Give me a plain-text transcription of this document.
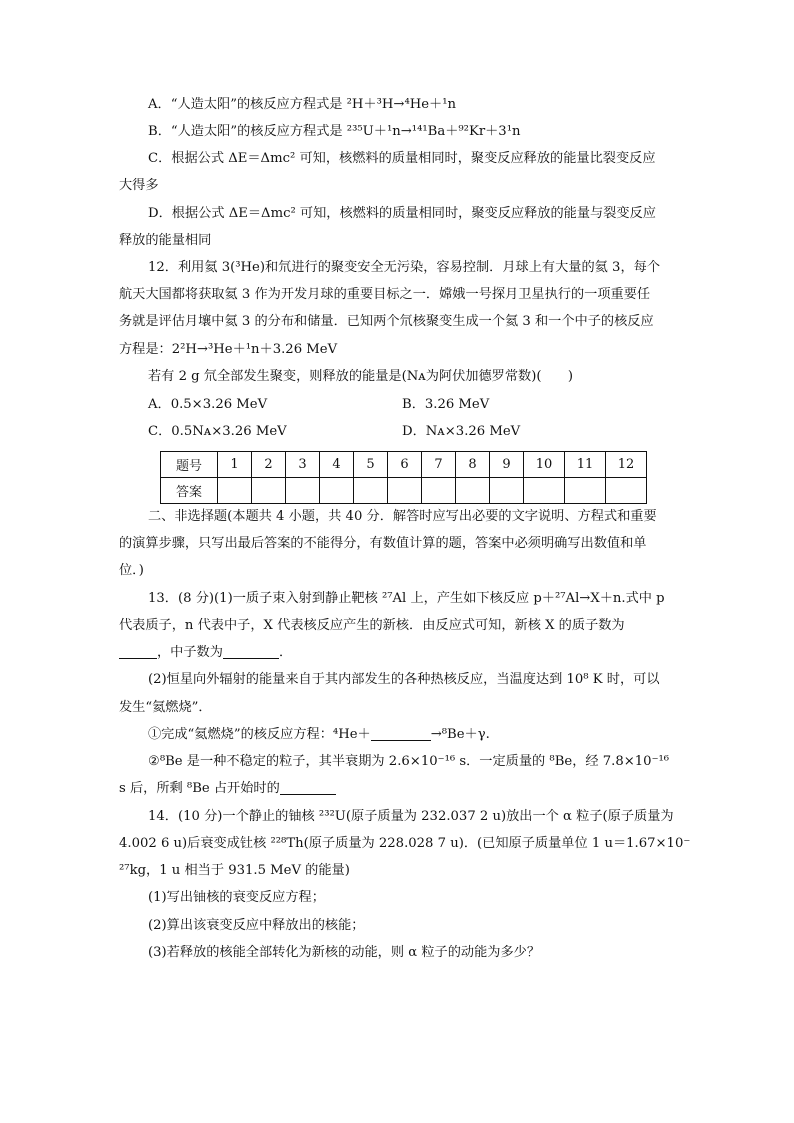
A．“人造太阳”的核反应方程式是 ²H＋³H→⁴He＋¹n
B．“人造太阳”的核反应方程式是 ²³⁵U＋¹n→¹⁴¹Ba＋⁹²Kr＋3¹n
C．根据公式 ΔE＝Δmc² 可知，核燃料的质量相同时，聚变反应释放的能量比裂变反应
大得多
D．根据公式 ΔE＝Δmc² 可知，核燃料的质量相同时，聚变反应释放的能量与裂变反应
释放的能量相同
12．利用氦 3(³He)和氘进行的聚变安全无污染，容易控制．月球上有大量的氦 3，每个
航天大国都将获取氦 3 作为开发月球的重要目标之一．嫦娥一号探月卫星执行的一项重要任
务就是评估月壤中氦 3 的分布和储量．已知两个氘核聚变生成一个氦 3 和一个中子的核反应
方程是：2²H→³He＋¹n＋3.26 MeV
若有 2 g 氘全部发生聚变，则释放的能量是(Nᴀ为阿伏加德罗常数)(　　)
A．0.5×3.26 MeV	B．3.26 MeV
C．0.5Nᴀ×3.26 MeV	D．Nᴀ×3.26 MeV
题号	1	2	3	4	5	6	7	8	9	10	11	12
答案												
二、非选择题(本题共 4 小题，共 40 分．解答时应写出必要的文字说明、方程式和重要
的演算步骤，只写出最后答案的不能得分，有数值计算的题，答案中必须明确写出数值和单
位．)
13．(8 分)(1)一质子束入射到静止靶核 ²⁷Al 上，产生如下核反应 p＋²⁷Al→X＋n.式中 p
代表质子，n 代表中子，X 代表核反应产生的新核．由反应式可知，新核 X 的质子数为
，中子数为	．
(2)恒星向外辐射的能量来自于其内部发生的各种热核反应，当温度达到 10⁸ K 时，可以
发生“氦燃烧”．
①完成“氦燃烧”的核反应方程：⁴He＋	→⁸Be＋γ.
②⁸Be 是一种不稳定的粒子，其半衰期为 2.6×10⁻¹⁶ s．一定质量的 ⁸Be，经 7.8×10⁻¹⁶
s 后，所剩 ⁸Be 占开始时的
14．(10 分)一个静止的铀核 ²³²U(原子质量为 232.037 2 u)放出一个 α 粒子(原子质量为
4.002 6 u)后衰变成钍核 ²²⁸Th(原子质量为 228.028 7 u)．(已知原子质量单位 1 u＝1.67×10⁻
²⁷kg，1 u 相当于 931.5 MeV 的能量)
(1)写出铀核的衰变反应方程；
(2)算出该衰变反应中释放出的核能；
(3)若释放的核能全部转化为新核的动能，则 α 粒子的动能为多少？
